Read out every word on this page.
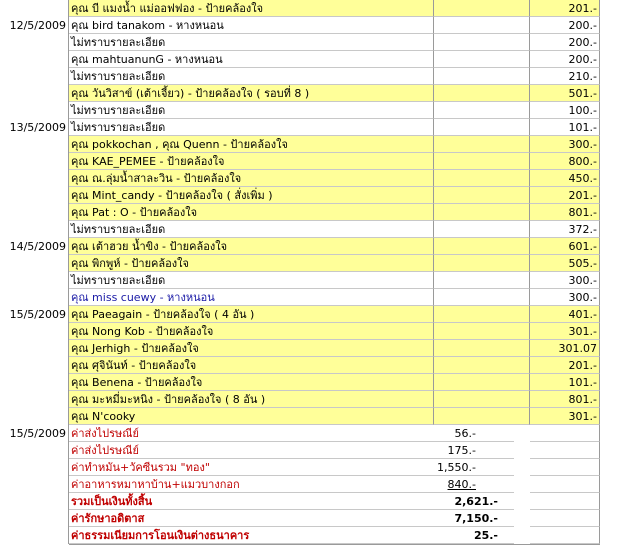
คุณ บี แมงน้ำ แม่ออฟฟอง - ป้ายคล้องใจ	201.-
12/5/2009 คุณ bird tanakom - หางหนอน	200.-
ไม่ทราบรายละเอียด	200.-
คุณ mahtuanunG - หางหนอน	200.-
ไม่ทราบรายละเอียด	210.-
คุณ วันวิสาข์ (เต้าเจี้ยว) - ป้ายคล้องใจ ( รอบที่ 8 )	501.-
ไม่ทราบรายละเอียด	100.-
13/5/2009 ไม่ทราบรายละเอียด	101.-
คุณ pokkochan , คุณ Quenn - ป้ายคล้องใจ	300.-
คุณ KAE_PEMEE - ป้ายคล้องใจ	800.-
คุณ ณ.ลุ่มน้ำสาละวิน - ป้ายคล้องใจ	450.-
คุณ Mint_candy - ป้ายคล้องใจ ( สั่งเพิ่ม )	201.-
คุณ Pat : O - ป้ายคล้องใจ	801.-
ไม่ทราบรายละเอียด	372.-
14/5/2009 คุณ เต้าฮวย น้ำขิง - ป้ายคล้องใจ	601.-
คุณ พิกพูห์ - ป้ายคล้องใจ	505.-
ไม่ทราบรายละเอียด	300.-
คุณ miss cuewy - หางหนอน	300.-
15/5/2009 คุณ Paeagain - ป้ายคล้องใจ ( 4 อัน )	401.-
คุณ Nong Kob - ป้ายคล้องใจ	301.-
คุณ Jerhigh - ป้ายคล้องใจ	301.07
คุณ ศุจินันท์ - ป้ายคล้องใจ	201.-
คุณ Benena - ป้ายคล้องใจ	101.-
คุณ มะหมี่มะหนิง - ป้ายคล้องใจ ( 8 อัน )	801.-
คุณ N'cooky	301.-
15/5/2009 ค่าส่งไปรษณีย์	56.-
ค่าส่งไปรษณีย์	175.-
ค่าทำหมัน+วัคซีนรวม "ทอง"	1,550.-
ค่าอาหารหมาหาบ้าน+แมวบางกอก	840.-
รวมเป็นเงินทั้งสิ้น	2,621.-
ค่ารักษาอดิตาส	7,150.-
ค่าธรรมเนียมการโอนเงินต่างธนาคาร	25.-
